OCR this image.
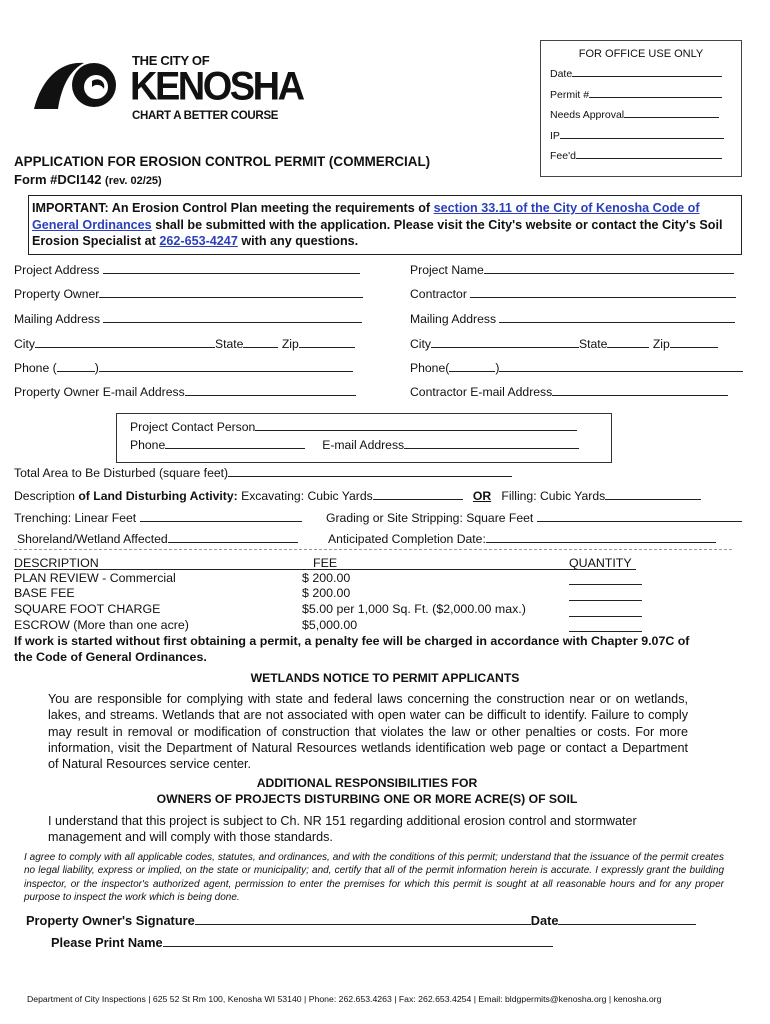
THE CITY OF
KENOSHA
CHART A BETTER COURSE
APPLICATION FOR EROSION CONTROL PERMIT (COMMERCIAL)
Form #DCI142 (rev. 02/25)
FOR OFFICE USE ONLY
Date
Permit #
Needs Approval
IP
Fee'd
IMPORTANT: An Erosion Control Plan meeting the requirements of section 33.11 of the City of Kenosha Code of General Ordinances shall be submitted with the application. Please visit the City's website or contact the City's Soil Erosion Specialist at 262-653-4247 with any questions.
Project Address
Property Owner
Mailing Address
City	State	Zip
Phone (	)
Property Owner E-mail Address
Project Name
Contractor
Mailing Address
City	State	Zip
Phone(	)
Contractor E-mail Address
Project Contact Person
Phone	E-mail Address
Total Area to Be Disturbed (square feet)
Description of Land Disturbing Activity: Excavating: Cubic Yards	OR Filling: Cubic Yards
Trenching: Linear Feet	Grading or Site Stripping: Square Feet
Shoreland/Wetland Affected	Anticipated Completion Date:
DESCRIPTION	FEE	QUANTITY
PLAN REVIEW - Commercial	$ 200.00
BASE FEE	$ 200.00
SQUARE FOOT CHARGE	$5.00 per 1,000 Sq. Ft. ($2,000.00 max.)
ESCROW (More than one acre)	$5,000.00
If work is started without first obtaining a permit, a penalty fee will be charged in accordance with Chapter 9.07C of
the Code of General Ordinances.
WETLANDS NOTICE TO PERMIT APPLICANTS
You are responsible for complying with state and federal laws concerning the construction near or on wetlands, lakes, and streams. Wetlands that are not associated with open water can be difficult to identify. Failure to comply may result in removal or modification of construction that violates the law or other penalties or costs. For more information, visit the Department of Natural Resources wetlands identification web page or contact a Department of Natural Resources service center.
ADDITIONAL RESPONSIBILITIES FOR
OWNERS OF PROJECTS DISTURBING ONE OR MORE ACRE(S) OF SOIL
I understand that this project is subject to Ch. NR 151 regarding additional erosion control and stormwater management and will comply with those standards.
I agree to comply with all applicable codes, statutes, and ordinances, and with the conditions of this permit; understand that the issuance of the permit creates no legal liability, express or implied, on the state or municipality; and, certify that all of the permit information herein is accurate. I expressly grant the building inspector, or the inspector's authorized agent, permission to enter the premises for which this permit is sought at all reasonable hours and for any proper purpose to inspect the work which is being done.
Property Owner's Signature	Date
Please Print Name
Department of City Inspections | 625 52 St Rm 100, Kenosha WI 53140 | Phone: 262.653.4263 | Fax: 262.653.4254 | Email: bldgpermits@kenosha.org | kenosha.org
